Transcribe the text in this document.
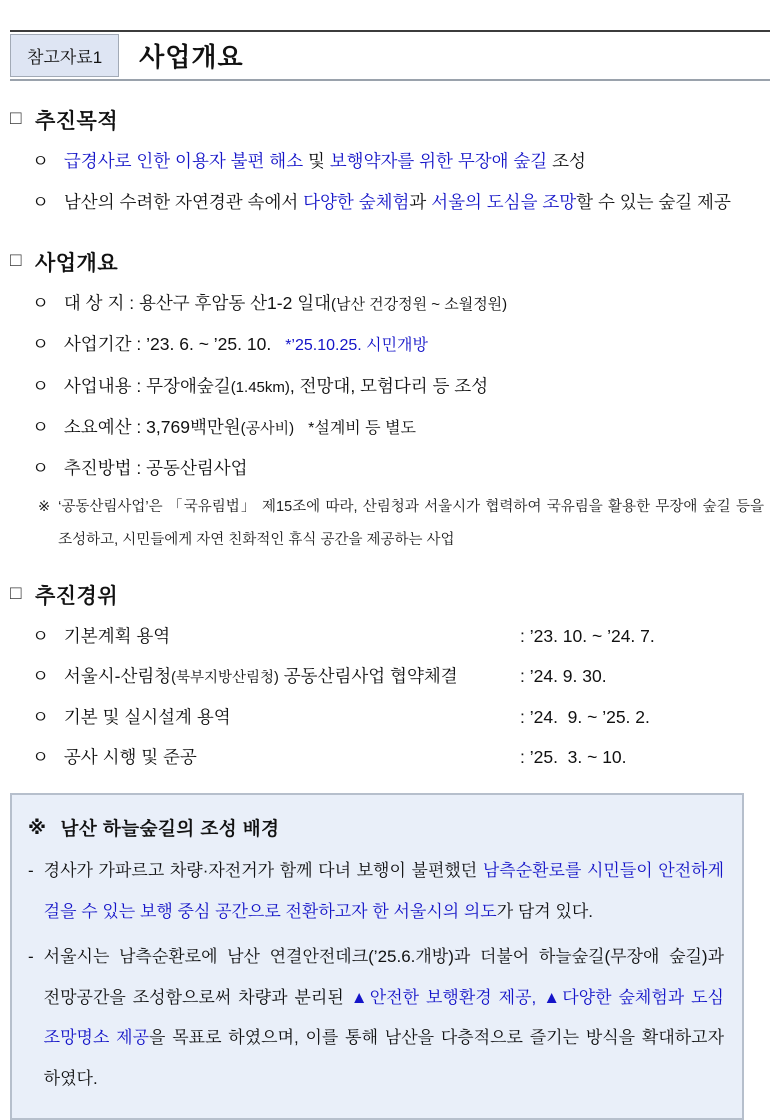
참고자료1	사업개요
□ 추진목적
ㅇ 급경사로 인한 이용자 불편 해소 및 보행약자를 위한 무장애 숲길 조성
ㅇ 남산의 수려한 자연경관 속에서 다양한 숲체험과 서울의 도심을 조망할 수 있는 숲길 제공
□ 사업개요
ㅇ 대 상 지 : 용산구 후암동 산1-2 일대(남산 건강정원 ~ 소월정원)
ㅇ 사업기간 : ’23. 6. ~ ’25. 10. *’25.10.25. 시민개방
ㅇ 사업내용 : 무장애숲길(1.45km), 전망대, 모험다리 등 조성
ㅇ 소요예산 : 3,769백만원(공사비) *설계비 등 별도
ㅇ 추진방법 : 공동산림사업
※ ‘공동산림사업’은 「국유림법」 제15조에 따라, 산림청과 서울시가 협력하여 국유림을 활용한 무장애 숲길 등을 조성하고, 시민들에게 자연 친화적인 휴식 공간을 제공하는 사업
□ 추진경위
ㅇ 기본계획 용역	: ’23. 10. ~ ’24. 7.
ㅇ 서울시-산림청(북부지방산림청) 공동산림사업 협약체결	: ’24. 9. 30.
ㅇ 기본 및 실시설계 용역	: ’24.  9. ~ ’25. 2.
ㅇ 공사 시행 및 준공	: ’25.  3. ~ 10.
※ 남산 하늘숲길의 조성 배경
- 경사가 가파르고 차량·자전거가 함께 다녀 보행이 불편했던 남측순환로를 시민들이 안전하게 걸을 수 있는 보행 중심 공간으로 전환하고자 한 서울시의 의도가 담겨 있다.
- 서울시는 남측순환로에 남산 연결안전데크(’25.6.개방)과 더불어 하늘숲길(무장애 숲길)과 전망공간을 조성함으로써 차량과 분리된 ▲안전한 보행환경 제공, ▲다양한 숲체험과 도심 조망명소 제공을 목표로 하였으며, 이를 통해 남산을 다층적으로 즐기는 방식을 확대하고자 하였다.
